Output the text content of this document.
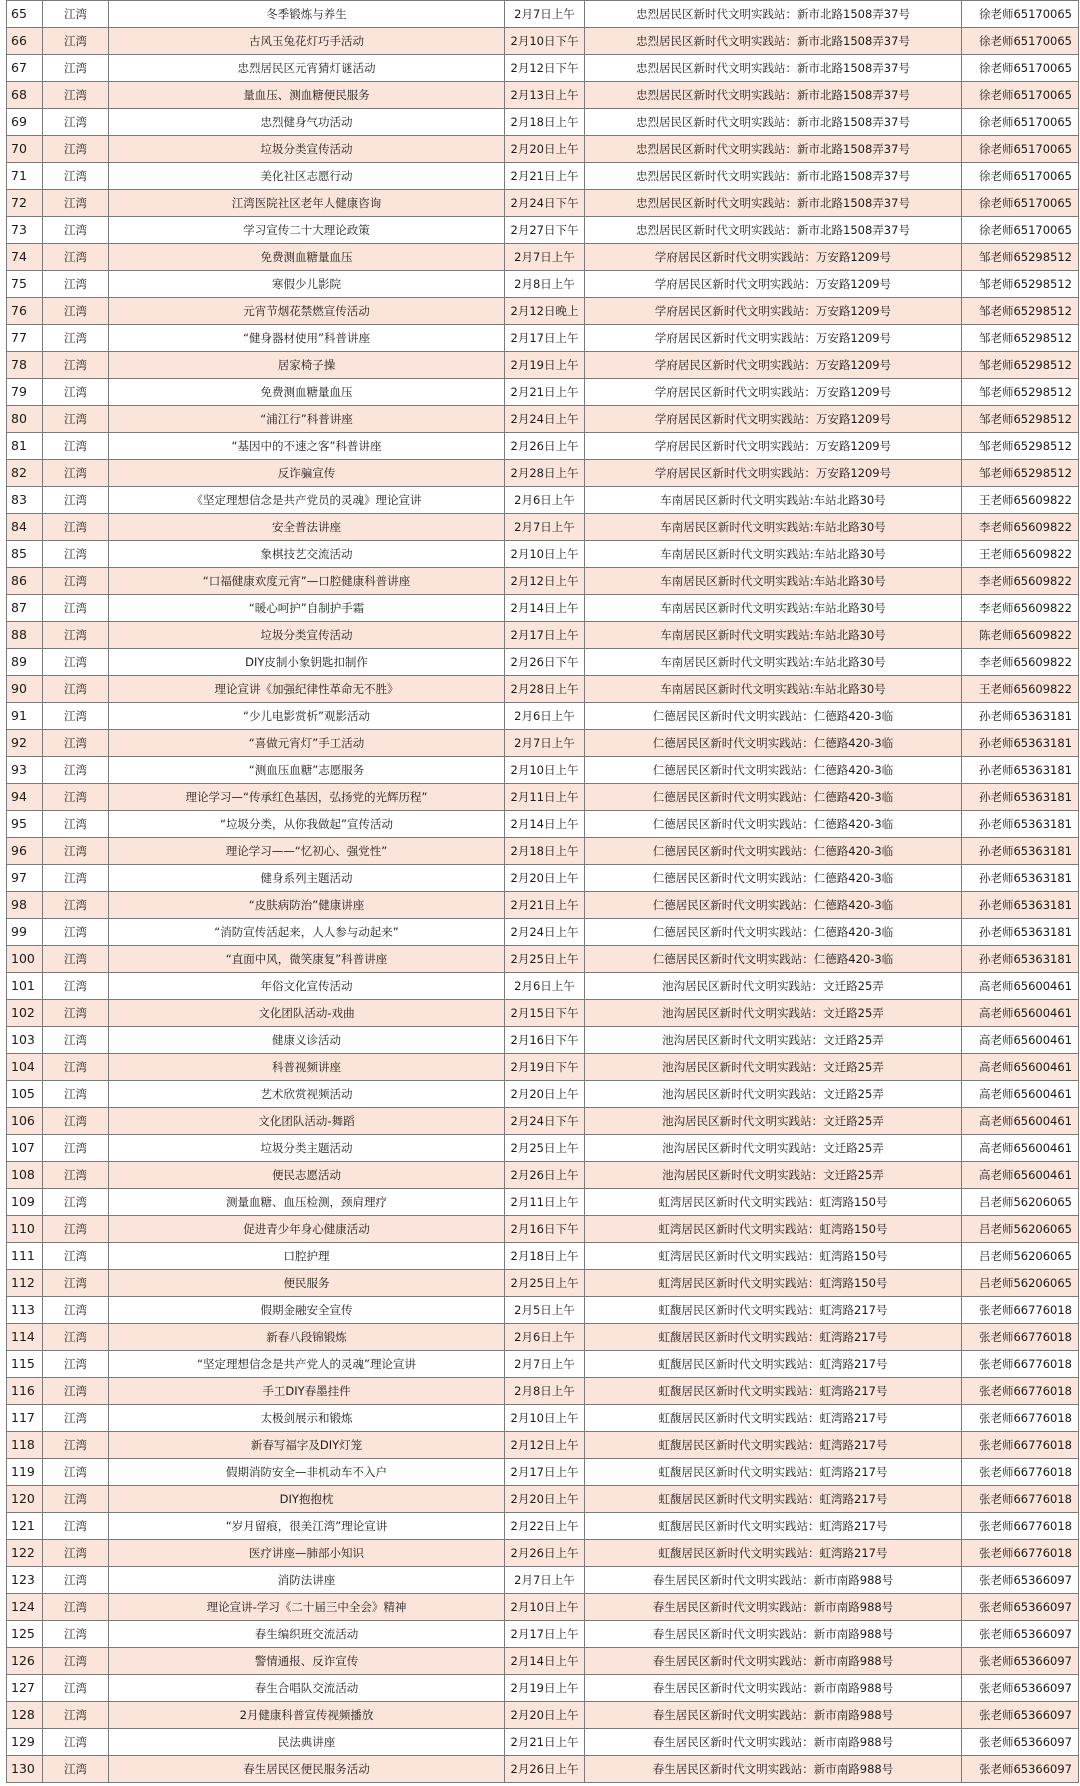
65	江湾	冬季锻炼与养生	2月7日上午	忠烈居民区新时代文明实践站：新市北路1508弄37号	徐老师65170065
66	江湾	古风玉兔花灯巧手活动	2月10日下午	忠烈居民区新时代文明实践站：新市北路1508弄37号	徐老师65170065
67	江湾	忠烈居民区元宵猜灯谜活动	2月12日下午	忠烈居民区新时代文明实践站：新市北路1508弄37号	徐老师65170065
68	江湾	量血压、测血糖便民服务	2月13日上午	忠烈居民区新时代文明实践站：新市北路1508弄37号	徐老师65170065
69	江湾	忠烈健身气功活动	2月18日上午	忠烈居民区新时代文明实践站：新市北路1508弄37号	徐老师65170065
70	江湾	垃圾分类宣传活动	2月20日上午	忠烈居民区新时代文明实践站：新市北路1508弄37号	徐老师65170065
71	江湾	美化社区志愿行动	2月21日上午	忠烈居民区新时代文明实践站：新市北路1508弄37号	徐老师65170065
72	江湾	江湾医院社区老年人健康咨询	2月24日下午	忠烈居民区新时代文明实践站：新市北路1508弄37号	徐老师65170065
73	江湾	学习宣传二十大理论政策	2月27日下午	忠烈居民区新时代文明实践站：新市北路1508弄37号	徐老师65170065
74	江湾	免费测血糖量血压	2月7日上午	学府居民区新时代文明实践站：万安路1209号	邹老师65298512
75	江湾	寒假少儿影院	2月8日上午	学府居民区新时代文明实践站：万安路1209号	邹老师65298512
76	江湾	元宵节烟花禁燃宣传活动	2月12日晚上	学府居民区新时代文明实践站：万安路1209号	邹老师65298512
77	江湾	“健身器材使用”科普讲座	2月17日上午	学府居民区新时代文明实践站：万安路1209号	邹老师65298512
78	江湾	居家椅子操	2月19日上午	学府居民区新时代文明实践站：万安路1209号	邹老师65298512
79	江湾	免费测血糖量血压	2月21日上午	学府居民区新时代文明实践站：万安路1209号	邹老师65298512
80	江湾	“浦江行”科普讲座	2月24日上午	学府居民区新时代文明实践站：万安路1209号	邹老师65298512
81	江湾	“基因中的不速之客”科普讲座	2月26日上午	学府居民区新时代文明实践站：万安路1209号	邹老师65298512
82	江湾	反诈骗宣传	2月28日上午	学府居民区新时代文明实践站：万安路1209号	邹老师65298512
83	江湾	《坚定理想信念是共产党员的灵魂》理论宣讲	2月6日上午	车南居民区新时代文明实践站:车站北路30号	王老师65609822
84	江湾	安全普法讲座	2月7日上午	车南居民区新时代文明实践站:车站北路30号	李老师65609822
85	江湾	象棋技艺交流活动	2月10日上午	车南居民区新时代文明实践站:车站北路30号	王老师65609822
86	江湾	“口福健康欢度元宵”—口腔健康科普讲座	2月12日上午	车南居民区新时代文明实践站:车站北路30号	李老师65609822
87	江湾	“暖心呵护”自制护手霜	2月14日上午	车南居民区新时代文明实践站:车站北路30号	李老师65609822
88	江湾	垃圾分类宣传活动	2月17日上午	车南居民区新时代文明实践站:车站北路30号	陈老师65609822
89	江湾	DIY皮制小象钥匙扣制作	2月26日下午	车南居民区新时代文明实践站:车站北路30号	李老师65609822
90	江湾	理论宣讲《加强纪律性革命无不胜》	2月28日上午	车南居民区新时代文明实践站:车站北路30号	王老师65609822
91	江湾	“少儿电影赏析”观影活动	2月6日上午	仁德居民区新时代文明实践站：仁德路420-3临	孙老师65363181
92	江湾	“喜做元宵灯”手工活动	2月7日上午	仁德居民区新时代文明实践站：仁德路420-3临	孙老师65363181
93	江湾	“测血压血糖”志愿服务	2月10日上午	仁德居民区新时代文明实践站：仁德路420-3临	孙老师65363181
94	江湾	理论学习—“传承红色基因，弘扬党的光辉历程”	2月11日上午	仁德居民区新时代文明实践站：仁德路420-3临	孙老师65363181
95	江湾	“垃圾分类，从你我做起”宣传活动	2月14日上午	仁德居民区新时代文明实践站：仁德路420-3临	孙老师65363181
96	江湾	理论学习——“忆初心、强党性”	2月18日上午	仁德居民区新时代文明实践站：仁德路420-3临	孙老师65363181
97	江湾	健身系列主题活动	2月20日上午	仁德居民区新时代文明实践站：仁德路420-3临	孙老师65363181
98	江湾	“皮肤病防治”健康讲座	2月21日上午	仁德居民区新时代文明实践站：仁德路420-3临	孙老师65363181
99	江湾	“消防宣传活起来，人人参与动起来”	2月24日上午	仁德居民区新时代文明实践站：仁德路420-3临	孙老师65363181
100	江湾	“直面中风，微笑康复”科普讲座	2月25日上午	仁德居民区新时代文明实践站：仁德路420-3临	孙老师65363181
101	江湾	年俗文化宣传活动	2月6日上午	池沟居民区新时代文明实践站：文迁路25弄	高老师65600461
102	江湾	文化团队活动-戏曲	2月15日下午	池沟居民区新时代文明实践站：文迁路25弄	高老师65600461
103	江湾	健康义诊活动	2月16日下午	池沟居民区新时代文明实践站：文迁路25弄	高老师65600461
104	江湾	科普视频讲座	2月19日下午	池沟居民区新时代文明实践站：文迁路25弄	高老师65600461
105	江湾	艺术欣赏视频活动	2月20日上午	池沟居民区新时代文明实践站：文迁路25弄	高老师65600461
106	江湾	文化团队活动-舞蹈	2月24日下午	池沟居民区新时代文明实践站：文迁路25弄	高老师65600461
107	江湾	垃圾分类主题活动	2月25日上午	池沟居民区新时代文明实践站：文迁路25弄	高老师65600461
108	江湾	便民志愿活动	2月26日上午	池沟居民区新时代文明实践站：文迁路25弄	高老师65600461
109	江湾	测量血糖、血压检测，颈肩理疗	2月11日上午	虹湾居民区新时代文明实践站：虹湾路150号	吕老师56206065
110	江湾	促进青少年身心健康活动	2月16日下午	虹湾居民区新时代文明实践站：虹湾路150号	吕老师56206065
111	江湾	口腔护理	2月18日上午	虹湾居民区新时代文明实践站：虹湾路150号	吕老师56206065
112	江湾	便民服务	2月25日上午	虹湾居民区新时代文明实践站：虹湾路150号	吕老师56206065
113	江湾	假期金融安全宣传	2月5日上午	虹馥居民区新时代文明实践站：虹湾路217号	张老师66776018
114	江湾	新春八段锦锻炼	2月6日上午	虹馥居民区新时代文明实践站：虹湾路217号	张老师66776018
115	江湾	“坚定理想信念是共产党人的灵魂”理论宣讲	2月7日上午	虹馥居民区新时代文明实践站：虹湾路217号	张老师66776018
116	江湾	手工DIY春墨挂件	2月8日上午	虹馥居民区新时代文明实践站：虹湾路217号	张老师66776018
117	江湾	太极剑展示和锻炼	2月10日上午	虹馥居民区新时代文明实践站：虹湾路217号	张老师66776018
118	江湾	新春写福字及DIY灯笼	2月12日上午	虹馥居民区新时代文明实践站：虹湾路217号	张老师66776018
119	江湾	假期消防安全—非机动车不入户	2月17日上午	虹馥居民区新时代文明实践站：虹湾路217号	张老师66776018
120	江湾	DIY抱抱枕	2月20日上午	虹馥居民区新时代文明实践站：虹湾路217号	张老师66776018
121	江湾	“岁月留痕，很美江湾”理论宣讲	2月22日上午	虹馥居民区新时代文明实践站：虹湾路217号	张老师66776018
122	江湾	医疗讲座—肺部小知识	2月26日上午	虹馥居民区新时代文明实践站：虹湾路217号	张老师66776018
123	江湾	消防法讲座	2月7日上午	春生居民区新时代文明实践站：新市南路988号	张老师65366097
124	江湾	理论宣讲-学习《二十届三中全会》精神	2月10日上午	春生居民区新时代文明实践站：新市南路988号	张老师65366097
125	江湾	春生编织班交流活动	2月17日上午	春生居民区新时代文明实践站：新市南路988号	张老师65366097
126	江湾	警情通报、反诈宣传	2月14日上午	春生居民区新时代文明实践站：新市南路988号	张老师65366097
127	江湾	春生合唱队交流活动	2月19日上午	春生居民区新时代文明实践站：新市南路988号	张老师65366097
128	江湾	2月健康科普宣传视频播放	2月20日上午	春生居民区新时代文明实践站：新市南路988号	张老师65366097
129	江湾	民法典讲座	2月21日上午	春生居民区新时代文明实践站：新市南路988号	张老师65366097
130	江湾	春生居民区便民服务活动	2月26日上午	春生居民区新时代文明实践站：新市南路988号	张老师65366097
